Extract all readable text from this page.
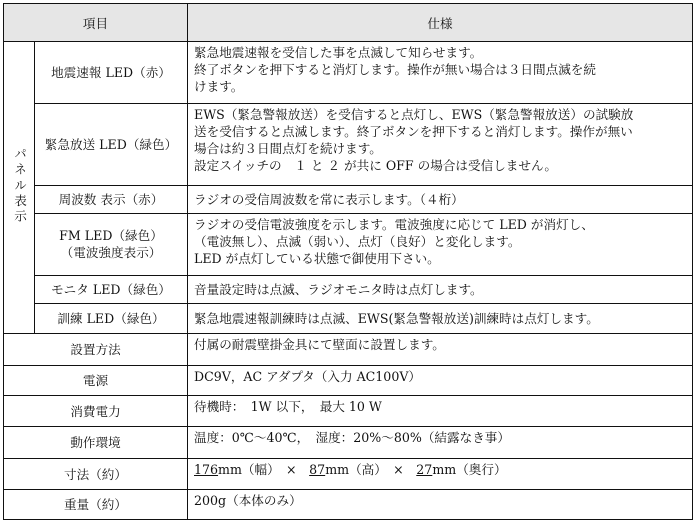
項目		仕様
パネル表示	地震速報 LED（赤）	緊急地震速報を受信した事を点滅して知らせます。
終了ボタンを押下すると消灯します。操作が無い場合は３日間点滅を続
けます。

	緊急放送 LED（緑色）	EWS（緊急警報放送）を受信すると点灯し、EWS（緊急警報放送）の試験放
送を受信すると点滅します。終了ボタンを押下すると消灯します。操作が無い
場合は約３日間点灯を続けます。
設定スイッチの　１ と ２ が共に OFF の場合は受信しません。

	周波数 表示（赤）	ラジオの受信周波数を常に表示します。（４桁）

	FM LED（緑色）
（電波強度表示）	ラジオの受信電波強度を示します。電波強度に応じて LED が消灯し、
（電波無し）、点滅（弱い）、点灯（良好）と変化します。
LED が点灯している状態で御使用下さい。

	モニタ LED（緑色）	音量設定時は点滅、ラジオモニタ時は点灯します。
	訓練 LED（緑色）	緊急地震速報訓練時は点滅、EWS(緊急警報放送)訓練時は点灯します。
設置方法		付属の耐震壁掛金具にて壁面に設置します。
電源		DC9V，AC アダプタ（入力 AC100V）
消費電力		待機時：　1W 以下，　最大 10 W
動作環境		温度：0℃～40℃，　湿度：20%～80%（結露なき事）
寸法（約）		176mm（幅）　×　87mm（高）　×　27mm（奥行）
重量（約）		200g（本体のみ）
